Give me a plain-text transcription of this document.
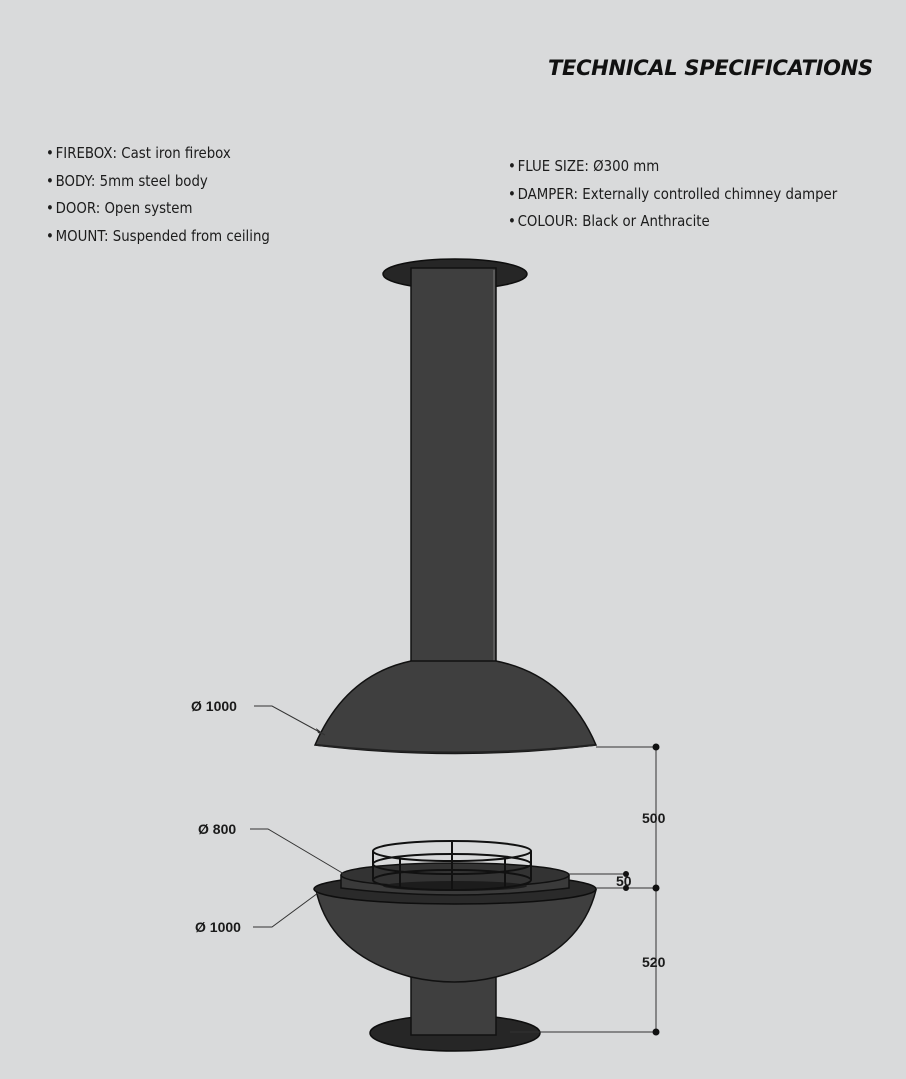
TECHNICAL SPECIFICATIONS
• FIREBOX: Cast iron firebox
• BODY: 5mm steel body
• DOOR: Open system
• MOUNT: Suspended from ceiling
• FLUE SIZE: Ø300 mm
• DAMPER: Externally controlled chimney damper
• COLOUR: Black or Anthracite
Ø 1000
Ø 800
Ø 1000
500
50
520
